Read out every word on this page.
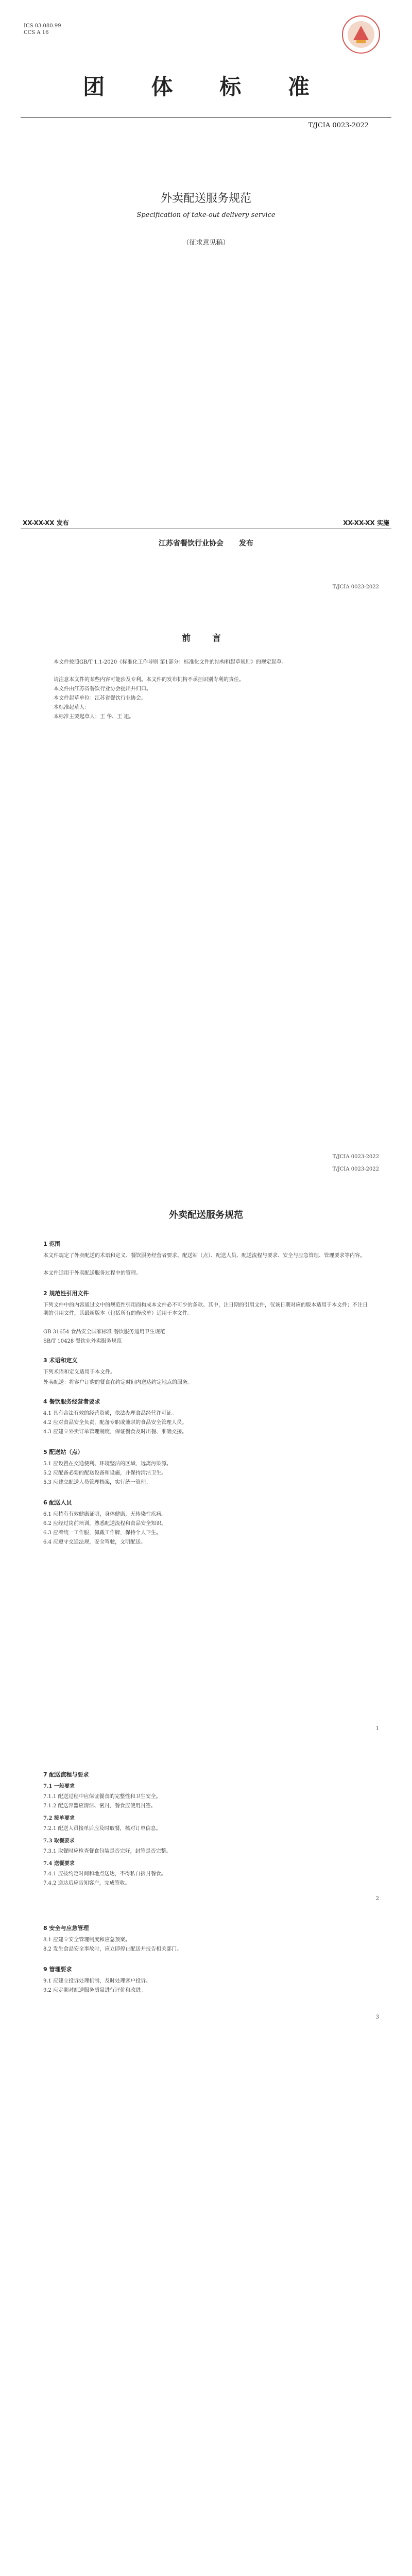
ICS 03.080.99
CCS A 16
团 体 标 准
T/JCIA 0023-2022
外卖配送服务规范
Specification of take-out delivery service
（征求意见稿）
XX-XX-XX 发布	XX-XX-XX 实施
江苏省餐饮行业协会 发布
T/JCIA 0023-2022
前 言
本文件按照GB/T 1.1-2020《标准化工作导则 第1部分：标准化文件的结构和起草规则》的规定起草。
请注意本文件的某些内容可能涉及专利。本文件的发布机构不承担识别专利的责任。
本文件由江苏省餐饮行业协会提出并归口。
本文件起草单位：江苏省餐饮行业协会。
本标准起草人：
本标准主要起草人：王 华、王 旭。
T/JCIA 0023-2022
T/JCIA 0023-2022
外卖配送服务规范
1 范围
本文件规定了外卖配送的术语和定义、餐饮服务经营者要求、配送站（点）、配送人员、配送流程与要求、安全与应急管理、管理要求等内容。
本文件适用于外卖配送服务过程中的管理。
2 规范性引用文件
下列文件中的内容通过文中的规范性引用而构成本文件必不可少的条款。其中，注日期的引用文件，仅该日期对应的版本适用于本文件；不注日期的引用文件，其最新版本（包括所有的修改单）适用于本文件。
GB 31654 食品安全国家标准 餐饮服务通用卫生规范
SB/T 10428 餐饮业外卖服务规范
3 术语和定义
下列术语和定义适用于本文件。
外卖配送：将客户订购的餐食在约定时间内送达约定地点的服务。
4 餐饮服务经营者要求
4.1 具有合法有效的经营资质，依法办理食品经营许可证。
4.2 应对食品安全负责，配备专职或兼职的食品安全管理人员。
4.3 应建立外卖订单管理制度，保证餐食及时出餐、准确交接。
5 配送站（点）
5.1 应设置在交通便利、环境整洁的区域，远离污染源。
5.2 应配备必要的配送设备和设施，并保持清洁卫生。
5.3 应建立配送人员管理档案，实行统一管理。
6 配送人员
6.1 应持有有效健康证明，身体健康，无传染性疾病。
6.2 应经过岗前培训，熟悉配送流程和食品安全知识。
6.3 应着统一工作服，佩戴工作牌，保持个人卫生。
6.4 应遵守交通法规，安全驾驶，文明配送。
1
7 配送流程与要求
7.1 一般要求
7.1.1 配送过程中应保证餐食的完整性和卫生安全。
7.1.2 配送容器应清洁、密封，餐食应使用封签。
7.2 接单要求
7.2.1 配送人员接单后应及时取餐，核对订单信息。
7.3 取餐要求
7.3.1 取餐时应检查餐食包装是否完好，封签是否完整。
7.4 送餐要求
7.4.1 应按约定时间和地点送达，不得私自拆封餐食。
7.4.2 送达后应告知客户，完成签收。
2
8 安全与应急管理
8.1 应建立安全管理制度和应急预案。
8.2 发生食品安全事故时，应立即停止配送并报告相关部门。
9 管理要求
9.1 应建立投诉处理机制，及时处理客户投诉。
9.2 应定期对配送服务质量进行评价和改进。
3
